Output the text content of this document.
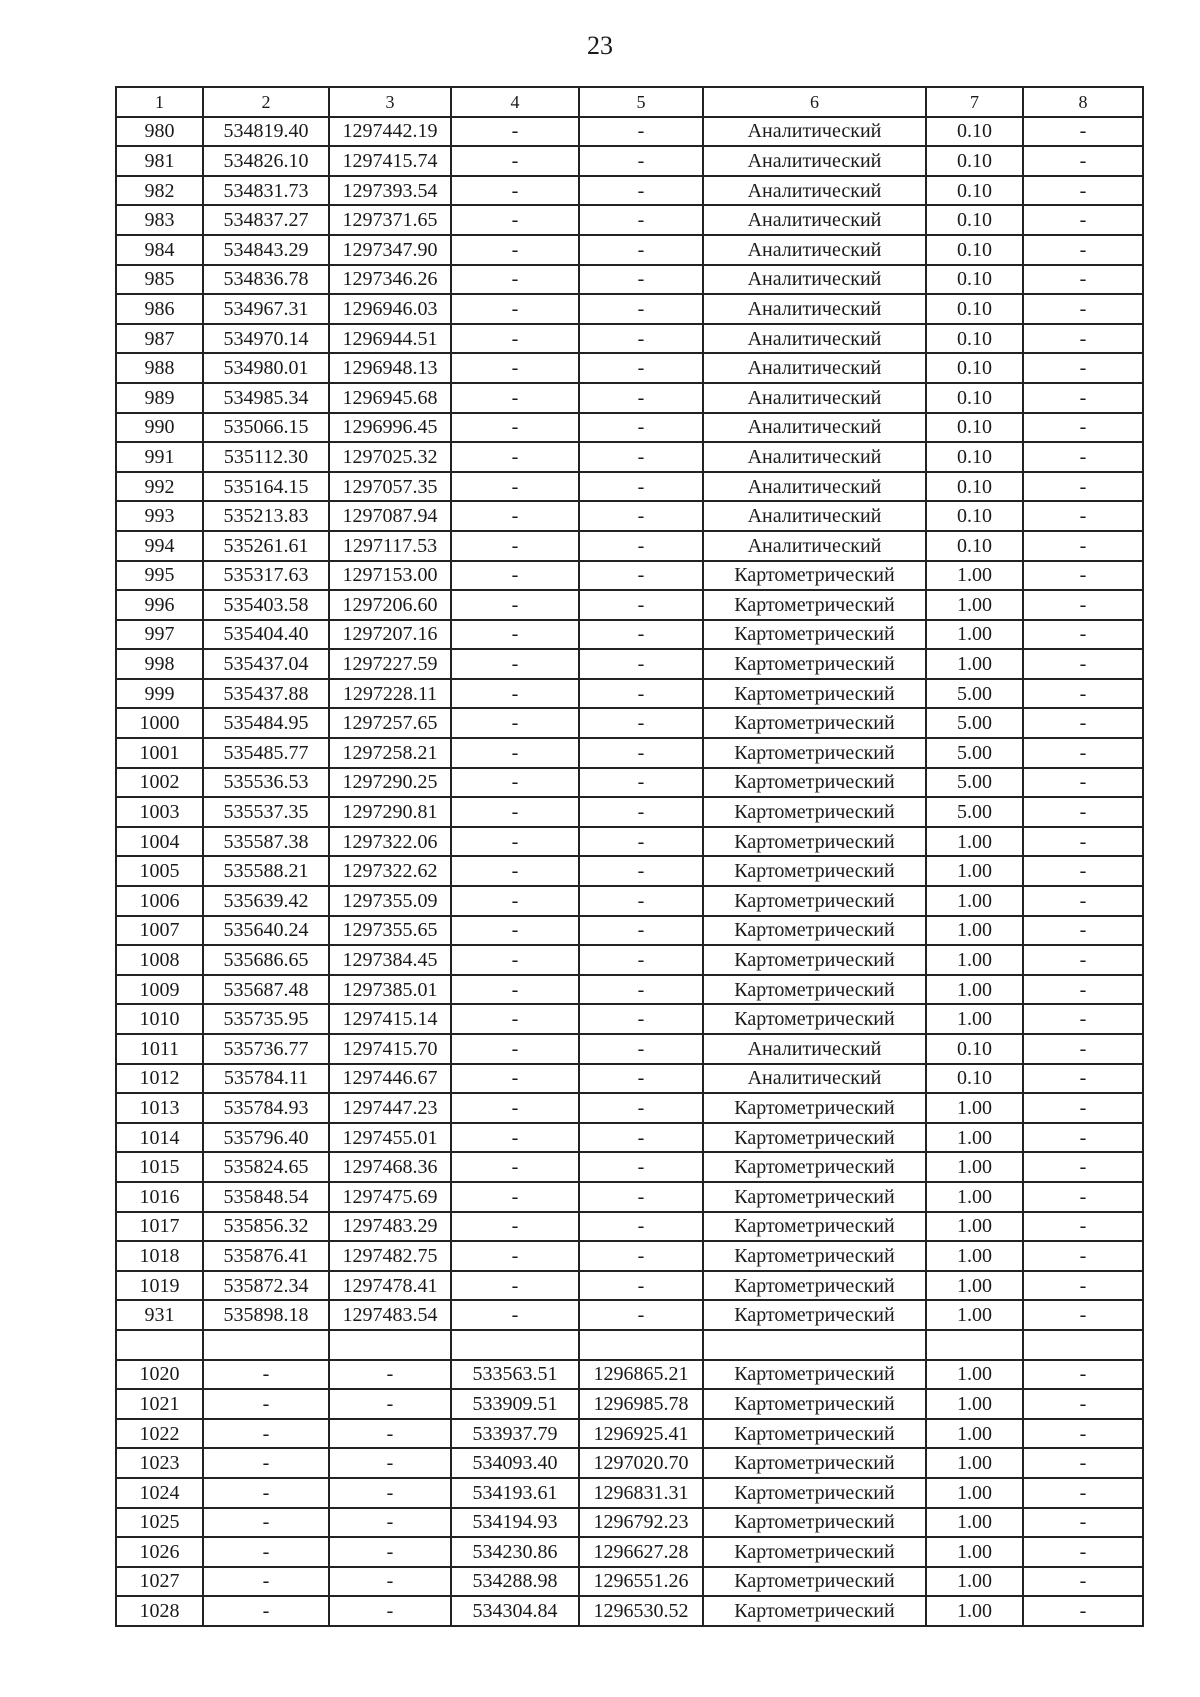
23
1	2	3	4	5	6	7	8
980	534819.40	1297442.19	-	-	Аналитический	0.10	-
981	534826.10	1297415.74	-	-	Аналитический	0.10	-
982	534831.73	1297393.54	-	-	Аналитический	0.10	-
983	534837.27	1297371.65	-	-	Аналитический	0.10	-
984	534843.29	1297347.90	-	-	Аналитический	0.10	-
985	534836.78	1297346.26	-	-	Аналитический	0.10	-
986	534967.31	1296946.03	-	-	Аналитический	0.10	-
987	534970.14	1296944.51	-	-	Аналитический	0.10	-
988	534980.01	1296948.13	-	-	Аналитический	0.10	-
989	534985.34	1296945.68	-	-	Аналитический	0.10	-
990	535066.15	1296996.45	-	-	Аналитический	0.10	-
991	535112.30	1297025.32	-	-	Аналитический	0.10	-
992	535164.15	1297057.35	-	-	Аналитический	0.10	-
993	535213.83	1297087.94	-	-	Аналитический	0.10	-
994	535261.61	1297117.53	-	-	Аналитический	0.10	-
995	535317.63	1297153.00	-	-	Картометрический	1.00	-
996	535403.58	1297206.60	-	-	Картометрический	1.00	-
997	535404.40	1297207.16	-	-	Картометрический	1.00	-
998	535437.04	1297227.59	-	-	Картометрический	1.00	-
999	535437.88	1297228.11	-	-	Картометрический	5.00	-
1000	535484.95	1297257.65	-	-	Картометрический	5.00	-
1001	535485.77	1297258.21	-	-	Картометрический	5.00	-
1002	535536.53	1297290.25	-	-	Картометрический	5.00	-
1003	535537.35	1297290.81	-	-	Картометрический	5.00	-
1004	535587.38	1297322.06	-	-	Картометрический	1.00	-
1005	535588.21	1297322.62	-	-	Картометрический	1.00	-
1006	535639.42	1297355.09	-	-	Картометрический	1.00	-
1007	535640.24	1297355.65	-	-	Картометрический	1.00	-
1008	535686.65	1297384.45	-	-	Картометрический	1.00	-
1009	535687.48	1297385.01	-	-	Картометрический	1.00	-
1010	535735.95	1297415.14	-	-	Картометрический	1.00	-
1011	535736.77	1297415.70	-	-	Аналитический	0.10	-
1012	535784.11	1297446.67	-	-	Аналитический	0.10	-
1013	535784.93	1297447.23	-	-	Картометрический	1.00	-
1014	535796.40	1297455.01	-	-	Картометрический	1.00	-
1015	535824.65	1297468.36	-	-	Картометрический	1.00	-
1016	535848.54	1297475.69	-	-	Картометрический	1.00	-
1017	535856.32	1297483.29	-	-	Картометрический	1.00	-
1018	535876.41	1297482.75	-	-	Картометрический	1.00	-
1019	535872.34	1297478.41	-	-	Картометрический	1.00	-
931	535898.18	1297483.54	-	-	Картометрический	1.00	-

1020	-	-	533563.51	1296865.21	Картометрический	1.00	-
1021	-	-	533909.51	1296985.78	Картометрический	1.00	-
1022	-	-	533937.79	1296925.41	Картометрический	1.00	-
1023	-	-	534093.40	1297020.70	Картометрический	1.00	-
1024	-	-	534193.61	1296831.31	Картометрический	1.00	-
1025	-	-	534194.93	1296792.23	Картометрический	1.00	-
1026	-	-	534230.86	1296627.28	Картометрический	1.00	-
1027	-	-	534288.98	1296551.26	Картометрический	1.00	-
1028	-	-	534304.84	1296530.52	Картометрический	1.00	-
